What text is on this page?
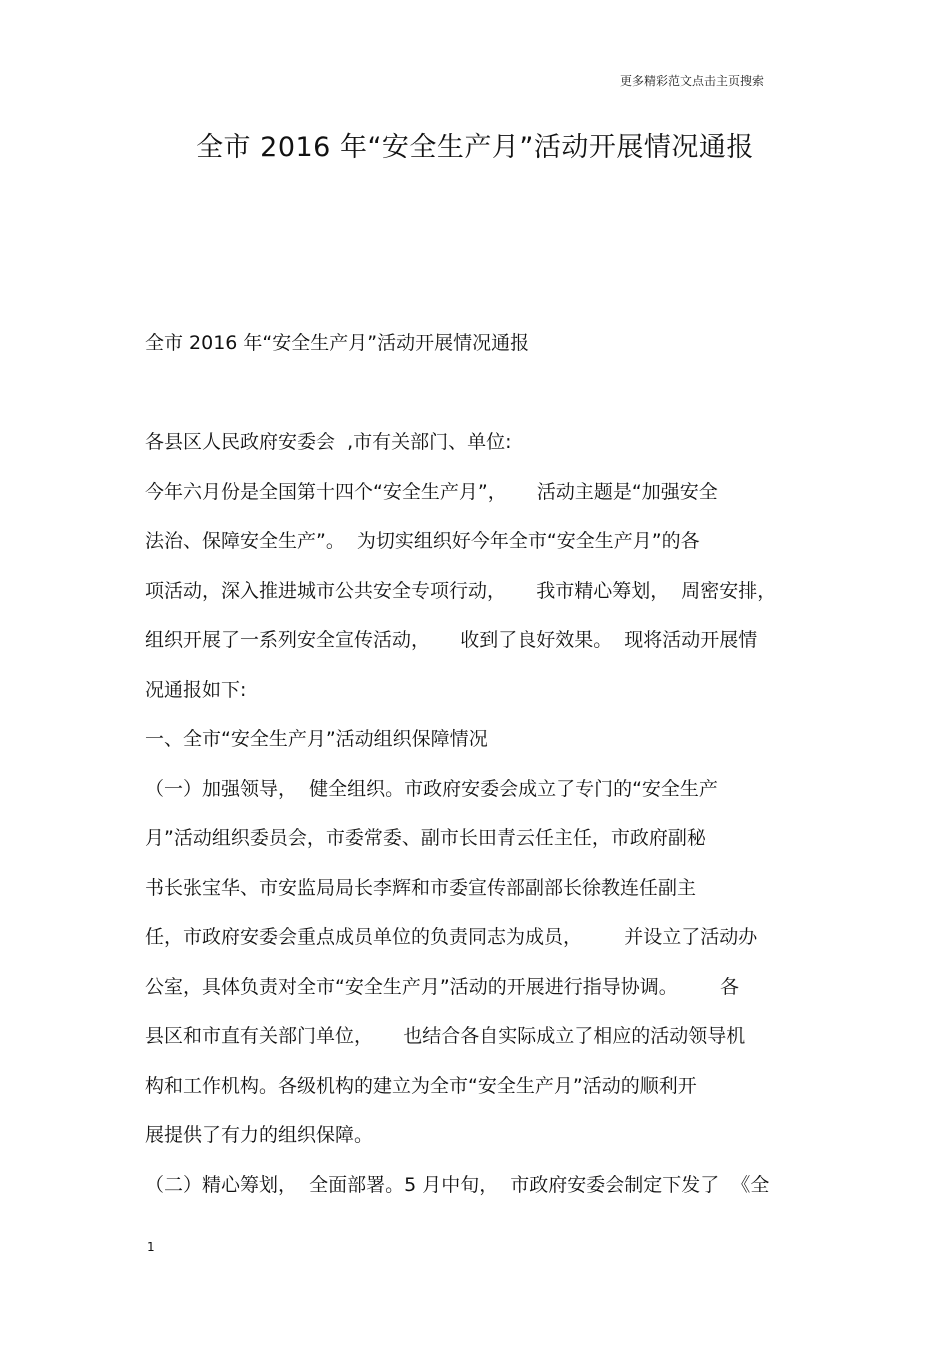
更多精彩范文点击主页搜索
全市 2016 年“安全生产月”活动开展情况通报
全市 2016 年“安全生产月”活动开展情况通报
各县区人民政府安委会  ,市有关部门、单位:
今年六月份是全国第十四个“安全生产月”，     活动主题是“加强安全
法治、保障安全生产”。  为切实组织好今年全市“安全生产月”的各
项活动，深入推进城市公共安全专项行动，     我市精心筹划，  周密安排，
组织开展了一系列安全宣传活动，     收到了良好效果。  现将活动开展情
况通报如下:
一、全市“安全生产月”活动组织保障情况
（一）加强领导，  健全组织。市政府安委会成立了专门的“安全生产
月”活动组织委员会，市委常委、副市长田青云任主任，市政府副秘
书长张宝华、市安监局局长李辉和市委宣传部副部长徐教连任副主
任，市政府安委会重点成员单位的负责同志为成员，       并设立了活动办
公室，具体负责对全市“安全生产月”活动的开展进行指导协调。       各
县区和市直有关部门单位，     也结合各自实际成立了相应的活动领导机
构和工作机构。各级机构的建立为全市“安全生产月”活动的顺利开
展提供了有力的组织保障。
（二）精心筹划，  全面部署。5 月中旬，  市政府安委会制定下发了  《全
1
